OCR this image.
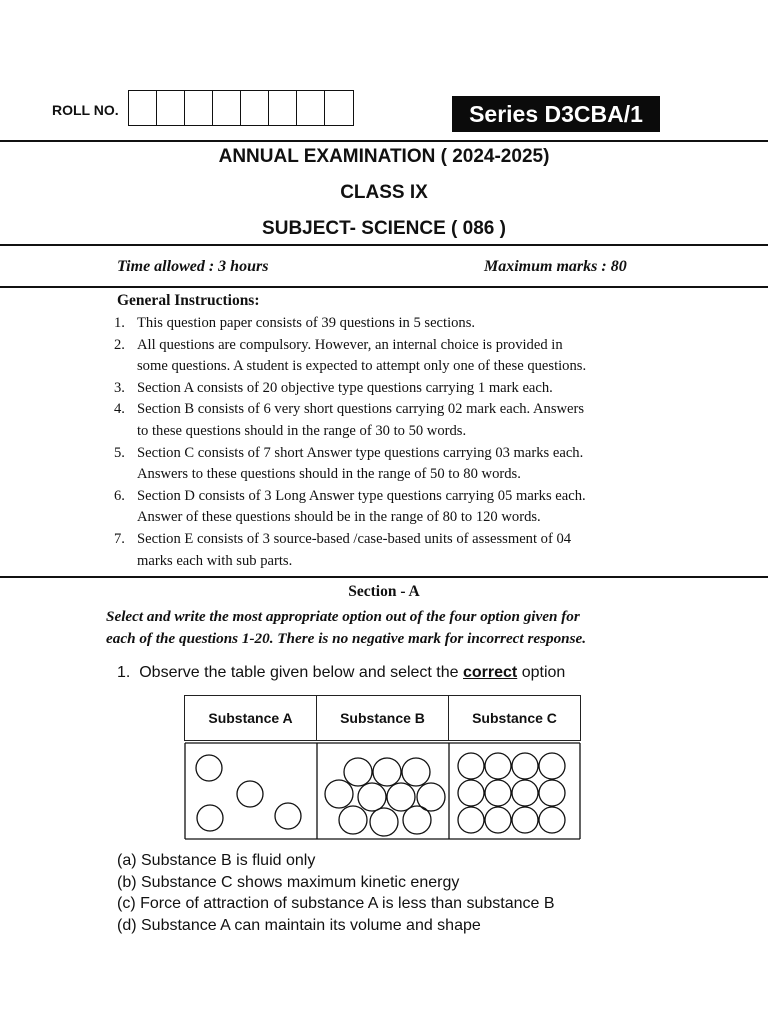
ROLL NO.	Series D3CBA/1
ANNUAL EXAMINATION ( 2024-2025)
CLASS IX
SUBJECT- SCIENCE ( 086 )
Time allowed : 3 hours	Maximum marks : 80
General Instructions:
1. This question paper consists of 39 questions in 5 sections.
2. All questions are compulsory. However, an internal choice is provided in
some questions. A student is expected to attempt only one of these questions.
3. Section A consists of 20 objective type questions carrying 1 mark each.
4. Section B consists of 6 very short questions carrying 02 mark each. Answers
to these questions should in the range of 30 to 50 words.
5. Section C consists of 7 short Answer type questions carrying 03 marks each.
Answers to these questions should in the range of 50 to 80 words.
6. Section D consists of 3 Long Answer type questions carrying 05 marks each.
Answer of these questions should be in the range of 80 to 120 words.
7. Section E consists of 3 source-based /case-based units of assessment of 04
marks each with sub parts.
Section - A
Select and write the most appropriate option out of the four option given for
each of the questions 1-20. There is no negative mark for incorrect response.
1. Observe the table given below and select the correct option
Substance A	Substance B	Substance C
(a) Substance B is fluid only
(b) Substance C shows maximum kinetic energy
(c) Force of attraction of substance A is less than substance B
(d) Substance A can maintain its volume and shape
